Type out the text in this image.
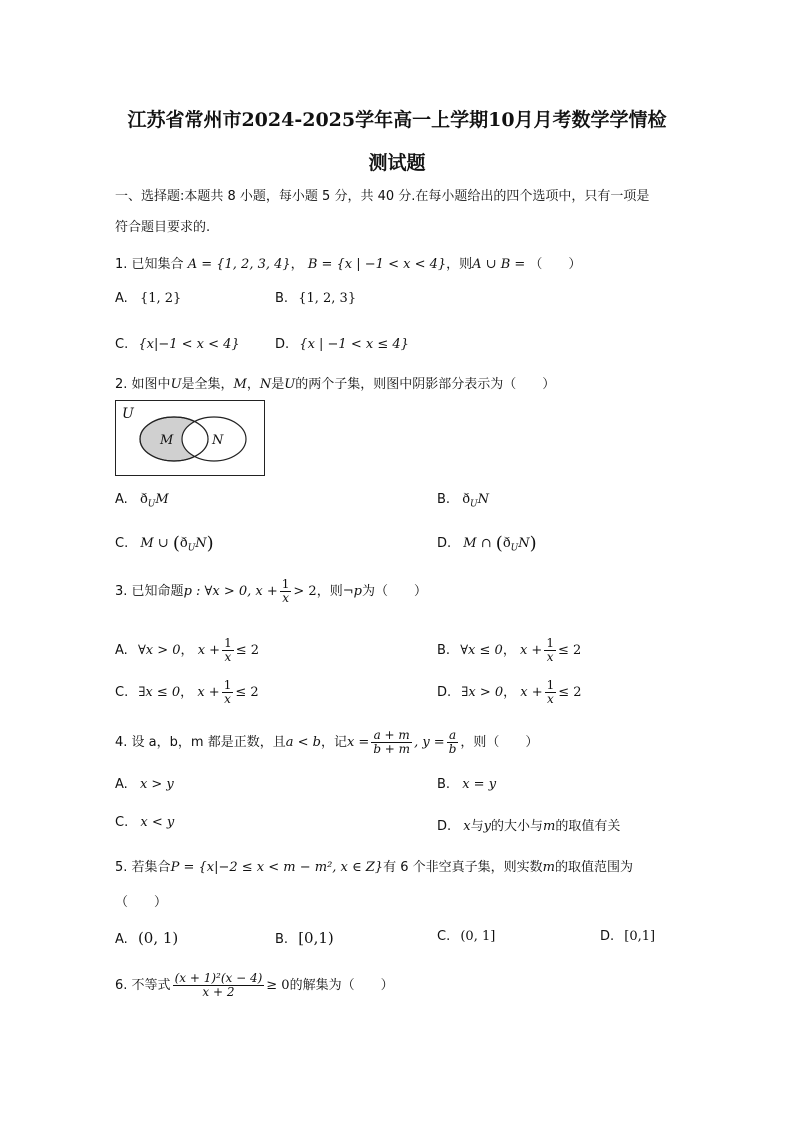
江苏省常州市2024-2025学年高一上学期10月月考数学学情检
测试题
一、选择题:本题共 8 小题，每小题 5 分，共 40 分.在每小题给出的四个选项中，只有一项是
符合题目要求的.
1. 已知集合 A = {1, 2, 3, 4}， B = {x | −1 < x < 4}，则A ∪ B = （　　）
A. {1, 2}	B. {1, 2, 3}
C. {x|−1 < x < 4}	D. {x | −1 < x ≤ 4}
2. 如图中U是全集，M，N是U的两个子集，则图中阴影部分表示为（　　）
U
M	N
A. $ð_UM$	B. $ð_UN$
C. M ∪ $(ð_UN)$	D. M ∩ $(ð_UN)$
3. 已知命题p : ∀x > 0, $x + \frac{1}{x} > 2$，则¬p为（　　）
A. ∀x > 0， $x + \frac{1}{x} \le 2$	B. ∀x ≤ 0， $x + \frac{1}{x} \le 2$
C. ∃x ≤ 0， $x + \frac{1}{x} \le 2$	D. ∃x > 0， $x + \frac{1}{x} \le 2$
4. 设 a，b，m 都是正数，且a < b，记$x = \frac{a + m}{b + m}$ , $y = \frac{a}{b}$ ，则（　　）
A. x > y	B. x = y
C. x < y	D. x与y的大小与m的取值有关
5. 若集合P = {x|−2 ≤ x < m − m², x ∈ Z}有 6 个非空真子集，则实数m的取值范围为
（　　）
A. (0, 1)	B. [0,1)	C. (0, 1]	D. [0,1]
6. 不等式 $\frac{\text{(x + 1)²(x − 4)}}{x + 2} \ge 0$的解集为（　　）
